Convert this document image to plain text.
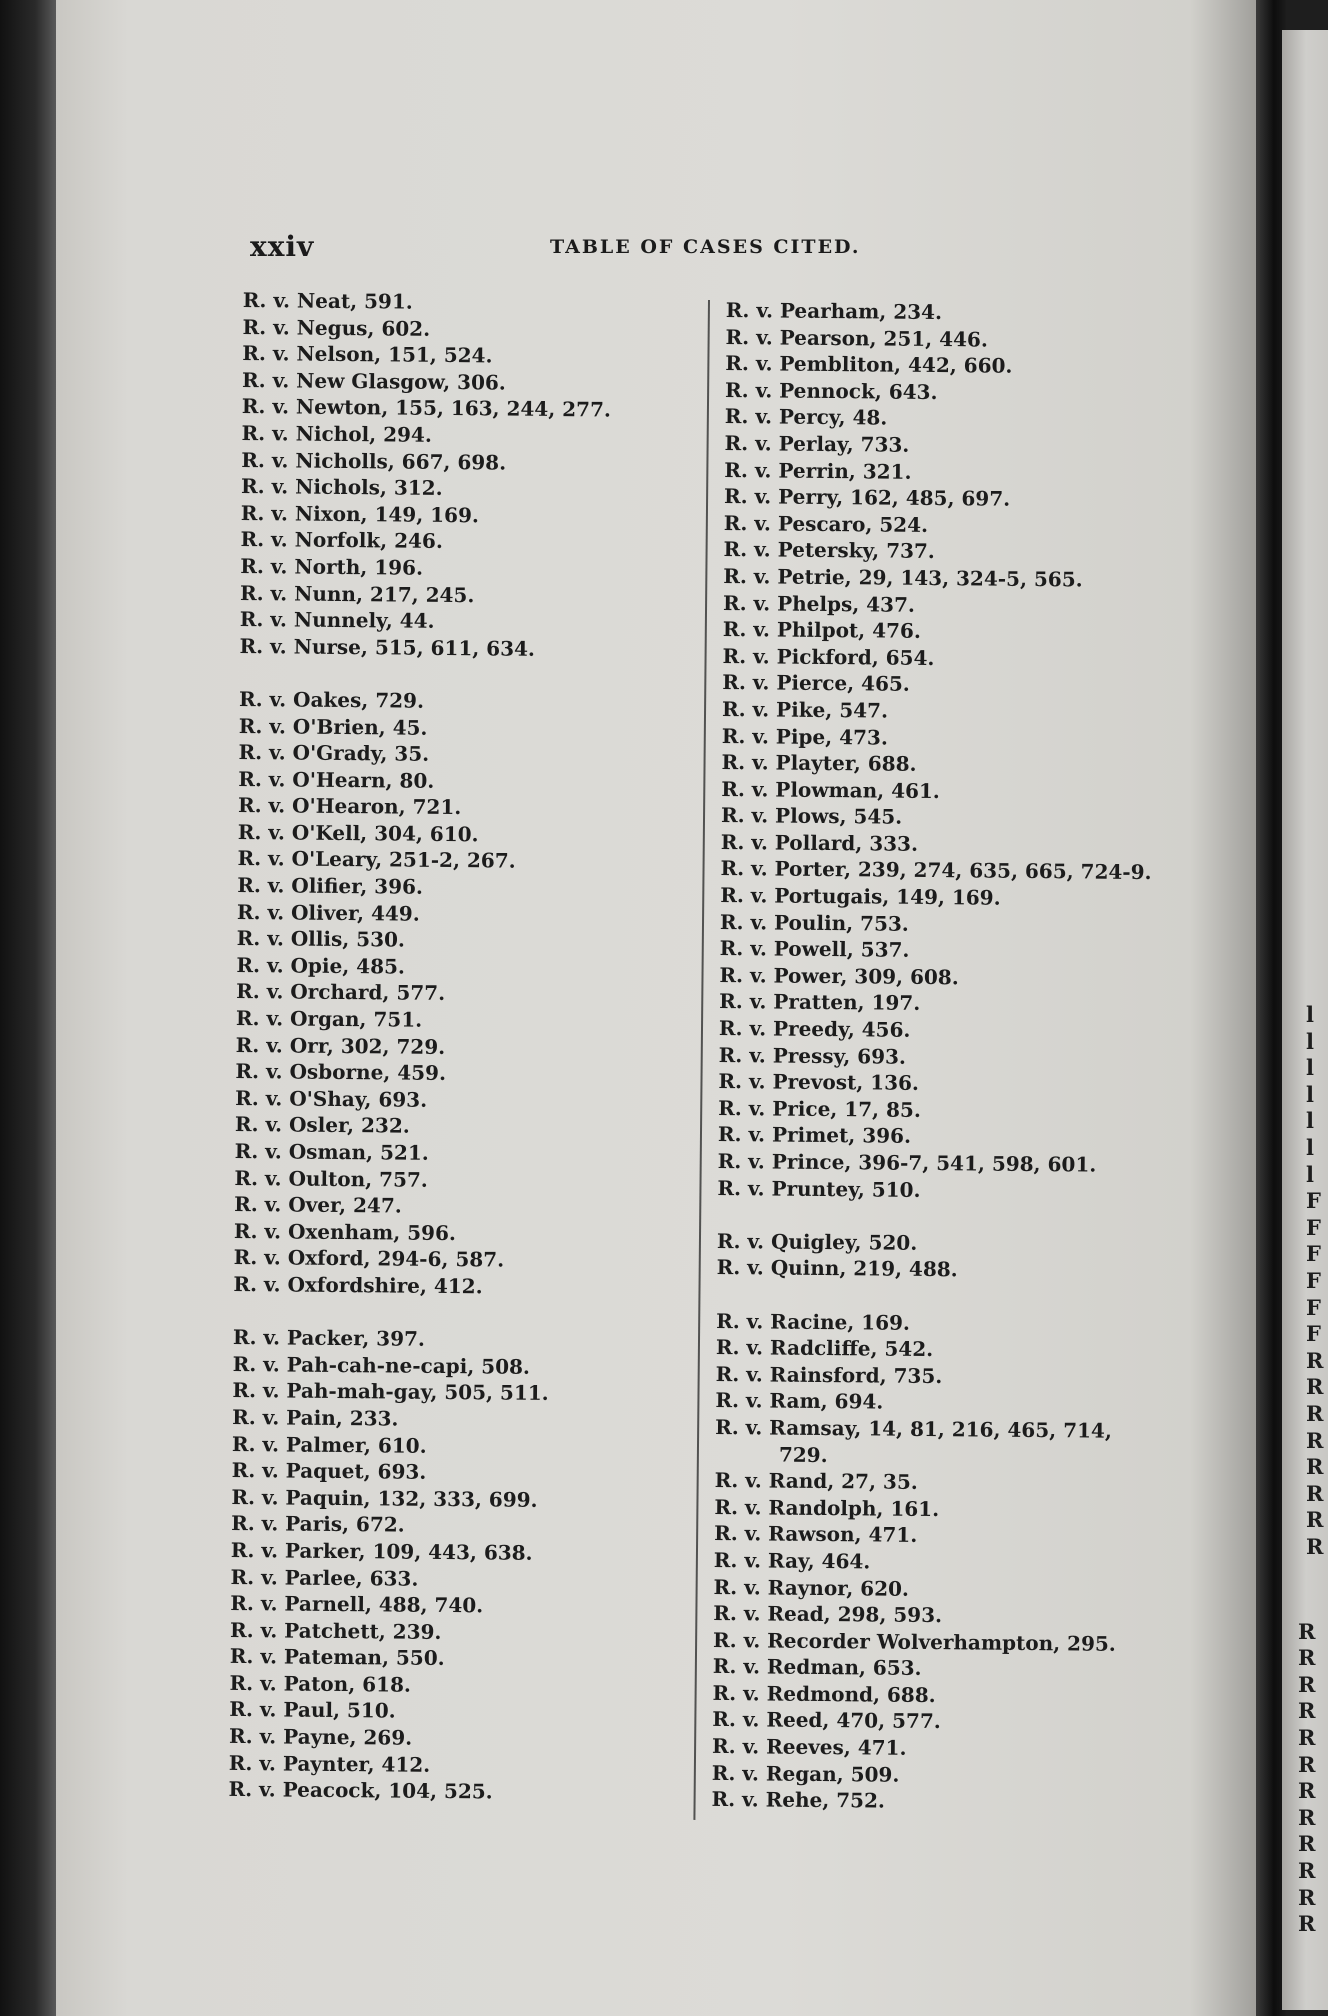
l
l
l
l
l
l
l
F
F
F
F
F
F
R
R
R
R
R
R
R
R
R
R
R
R
R
R
R
R
R
R
R
R
xxiv	TABLE OF CASES CITED.
R. v. Neat, 591.
R. v. Negus, 602.
R. v. Nelson, 151, 524.
R. v. New Glasgow, 306.
R. v. Newton, 155, 163, 244, 277.
R. v. Nichol, 294.
R. v. Nicholls, 667, 698.
R. v. Nichols, 312.
R. v. Nixon, 149, 169.
R. v. Norfolk, 246.
R. v. North, 196.
R. v. Nunn, 217, 245.
R. v. Nunnely, 44.
R. v. Nurse, 515, 611, 634.
R. v. Oakes, 729.
R. v. O'Brien, 45.
R. v. O'Grady, 35.
R. v. O'Hearn, 80.
R. v. O'Hearon, 721.
R. v. O'Kell, 304, 610.
R. v. O'Leary, 251-2, 267.
R. v. Olifier, 396.
R. v. Oliver, 449.
R. v. Ollis, 530.
R. v. Opie, 485.
R. v. Orchard, 577.
R. v. Organ, 751.
R. v. Orr, 302, 729.
R. v. Osborne, 459.
R. v. O'Shay, 693.
R. v. Osler, 232.
R. v. Osman, 521.
R. v. Oulton, 757.
R. v. Over, 247.
R. v. Oxenham, 596.
R. v. Oxford, 294-6, 587.
R. v. Oxfordshire, 412.
R. v. Packer, 397.
R. v. Pah-cah-ne-capi, 508.
R. v. Pah-mah-gay, 505, 511.
R. v. Pain, 233.
R. v. Palmer, 610.
R. v. Paquet, 693.
R. v. Paquin, 132, 333, 699.
R. v. Paris, 672.
R. v. Parker, 109, 443, 638.
R. v. Parlee, 633.
R. v. Parnell, 488, 740.
R. v. Patchett, 239.
R. v. Pateman, 550.
R. v. Paton, 618.
R. v. Paul, 510.
R. v. Payne, 269.
R. v. Paynter, 412.
R. v. Peacock, 104, 525.
R. v. Pearham, 234.
R. v. Pearson, 251, 446.
R. v. Pembliton, 442, 660.
R. v. Pennock, 643.
R. v. Percy, 48.
R. v. Perlay, 733.
R. v. Perrin, 321.
R. v. Perry, 162, 485, 697.
R. v. Pescaro, 524.
R. v. Petersky, 737.
R. v. Petrie, 29, 143, 324-5, 565.
R. v. Phelps, 437.
R. v. Philpot, 476.
R. v. Pickford, 654.
R. v. Pierce, 465.
R. v. Pike, 547.
R. v. Pipe, 473.
R. v. Playter, 688.
R. v. Plowman, 461.
R. v. Plows, 545.
R. v. Pollard, 333.
R. v. Porter, 239, 274, 635, 665, 724-9.
R. v. Portugais, 149, 169.
R. v. Poulin, 753.
R. v. Powell, 537.
R. v. Power, 309, 608.
R. v. Pratten, 197.
R. v. Preedy, 456.
R. v. Pressy, 693.
R. v. Prevost, 136.
R. v. Price, 17, 85.
R. v. Primet, 396.
R. v. Prince, 396-7, 541, 598, 601.
R. v. Pruntey, 510.
R. v. Quigley, 520.
R. v. Quinn, 219, 488.
R. v. Racine, 169.
R. v. Radcliffe, 542.
R. v. Rainsford, 735.
R. v. Ram, 694.
R. v. Ramsay, 14, 81, 216, 465, 714,
729.
R. v. Rand, 27, 35.
R. v. Randolph, 161.
R. v. Rawson, 471.
R. v. Ray, 464.
R. v. Raynor, 620.
R. v. Read, 298, 593.
R. v. Recorder Wolverhampton, 295.
R. v. Redman, 653.
R. v. Redmond, 688.
R. v. Reed, 470, 577.
R. v. Reeves, 471.
R. v. Regan, 509.
R. v. Rehe, 752.
